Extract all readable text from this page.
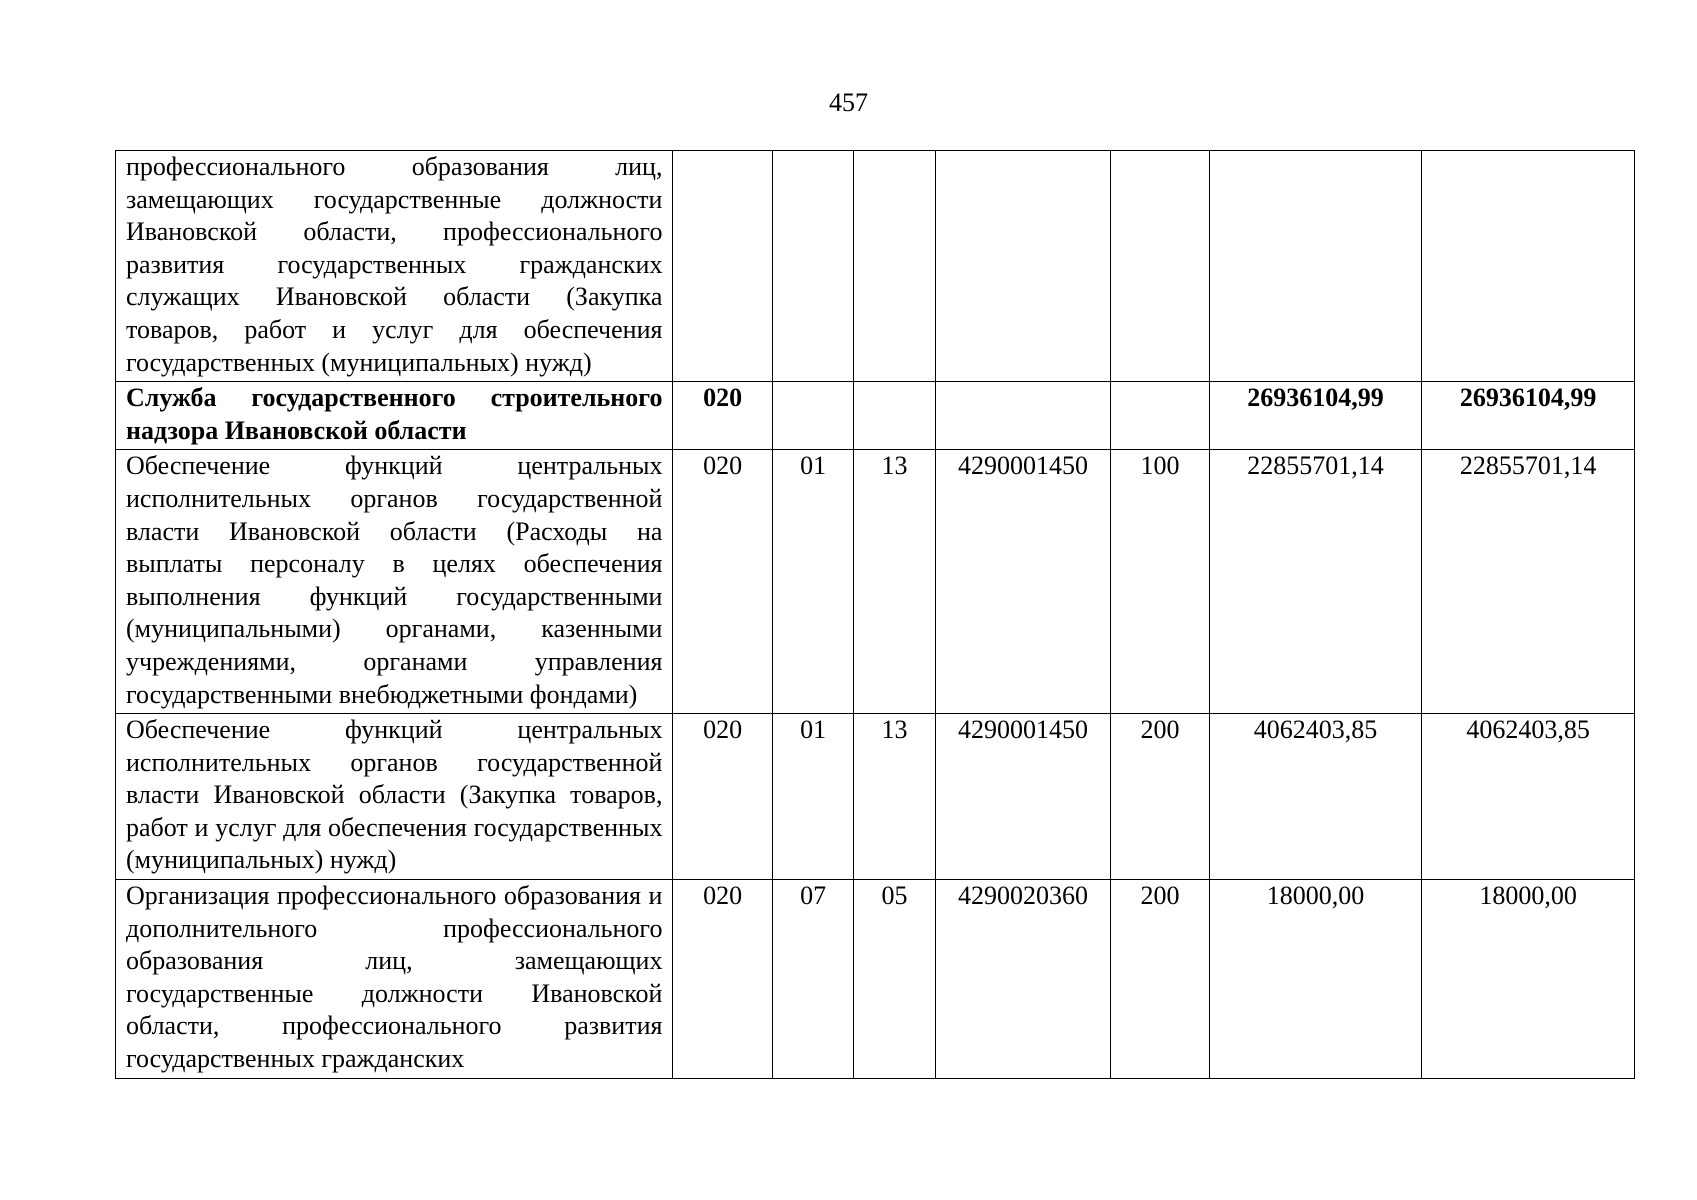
457
профессионального образования лиц, замещающих государственные должности Ивановской области, профессионального развития государственных гражданских служащих Ивановской области (Закупка товаров, работ и услуг для обеспечения государственных (муниципальных) нужд)							
Служба государственного строительного надзора Ивановской области	020					26936104,99	26936104,99
Обеспечение функций центральных исполнительных органов государственной власти Ивановской области (Расходы на выплаты персоналу в целях обеспечения выполнения функций государственными (муниципальными) органами, казенными учреждениями, органами управления государственными внебюджетными фондами)	020	01	13	4290001450	100	22855701,14	22855701,14
Обеспечение функций центральных исполнительных органов государственной власти Ивановской области (Закупка товаров, работ и услуг для обеспечения государственных (муниципальных) нужд)	020	01	13	4290001450	200	4062403,85	4062403,85
Организация профессионального образования и дополнительного профессионального образования лиц, замещающих государственные должности Ивановской области, профессионального развития государственных гражданских	020	07	05	4290020360	200	18000,00	18000,00
